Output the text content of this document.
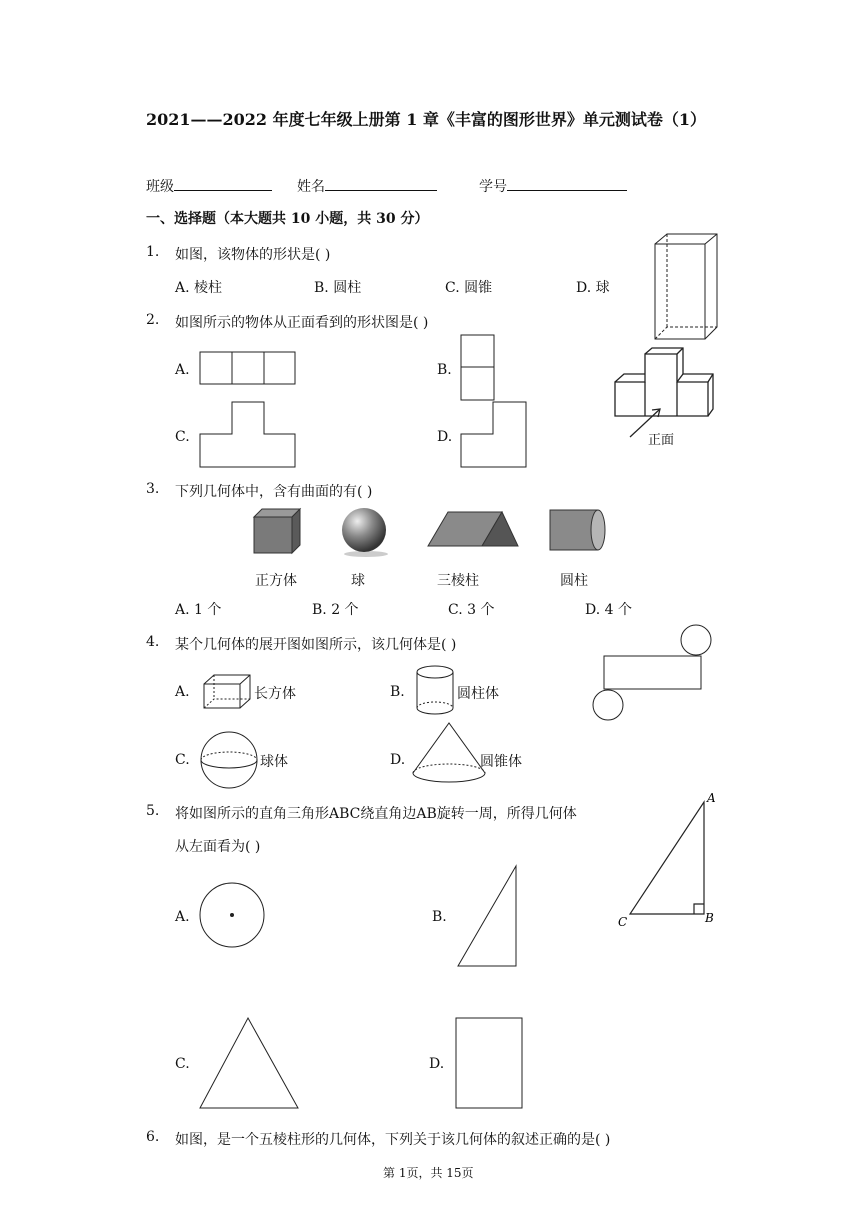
2021——2022 年度七年级上册第 1 章《丰富的图形世界》单元测试卷（1）
班级	姓名	学号
一、选择题（本大题共 10 小题，共 30 分）
1. 如图，该物体的形状是( )
A. 棱柱	B. 圆柱	C. 圆锥	D. 球
2. 如图所示的物体从正面看到的形状图是( )
A.	B.
C.	D.	正面
3. 下列几何体中，含有曲面的有( )
正方体	球	三棱柱	圆柱
A. 1 个	B. 2 个	C. 3 个	D. 4 个
4. 某个几何体的展开图如图所示，该几何体是( )
A.	长方体	B.	圆柱体
C.	球体	D.	圆锥体
5. 将如图所示的直角三角形ABC绕直角边AB旋转一周，所得几何体
从左面看为( )
A
B
C
A.	B.
C.	D.
6. 如图，是一个五棱柱形的几何体，下列关于该几何体的叙述正确的是( )
第 1页，共 15页
